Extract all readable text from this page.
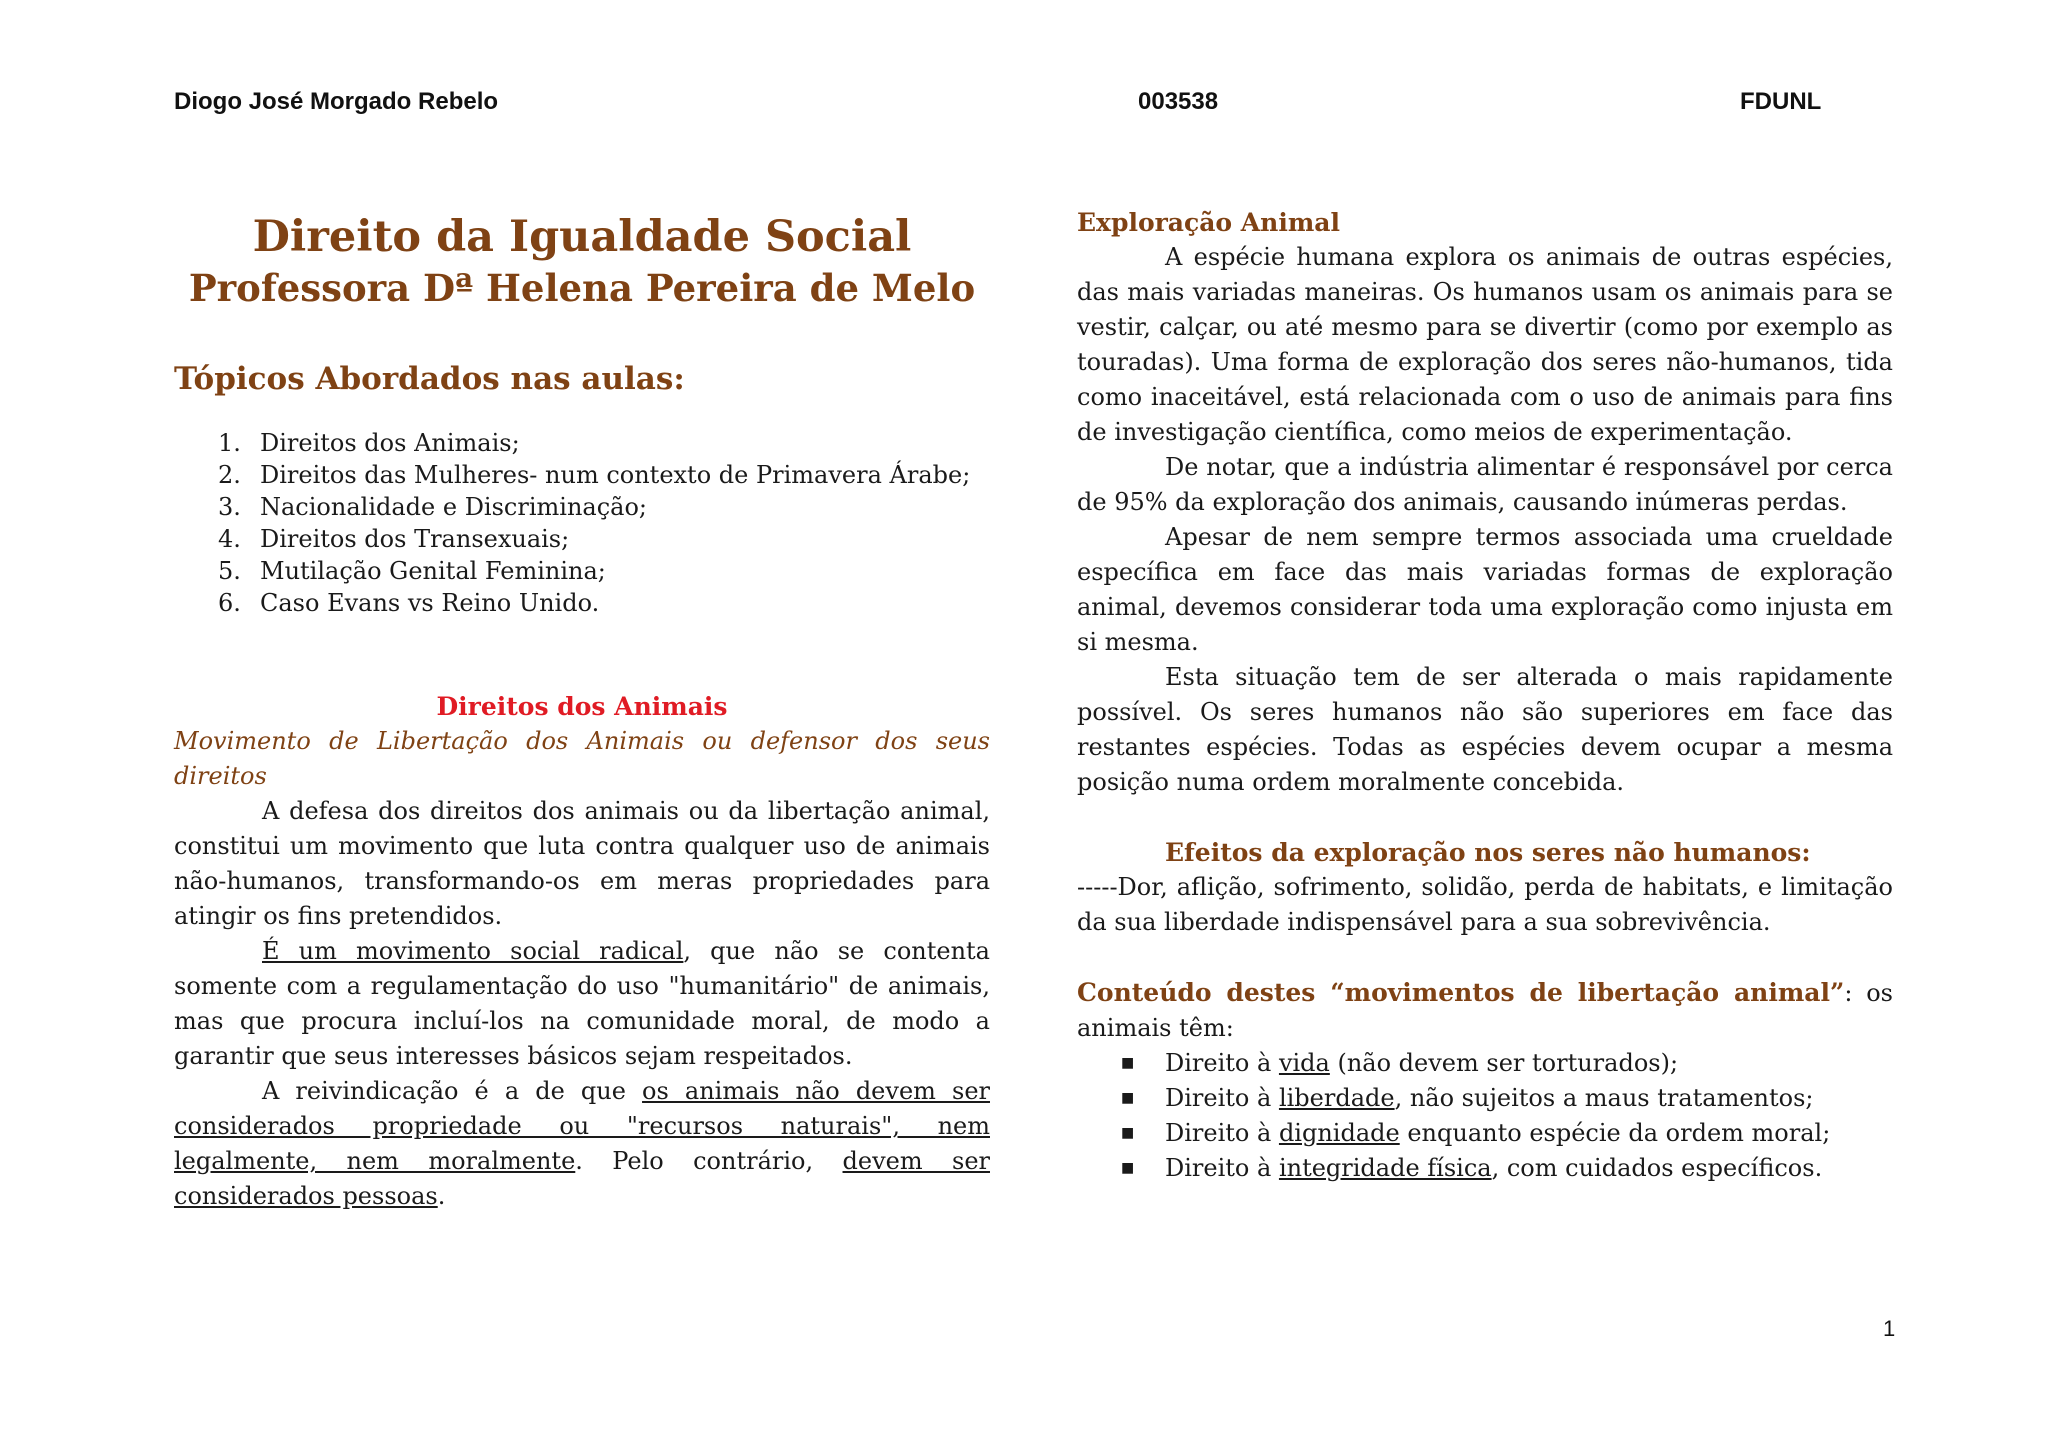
Diogo José Morgado Rebelo	003538	FDUNL
Direito da Igualdade Social
Professora Dª Helena Pereira de Melo
Tópicos Abordados nas aulas:
1. Direitos dos Animais;
2. Direitos das Mulheres- num contexto de Primavera Árabe;
3. Nacionalidade e Discriminação;
4. Direitos dos Transexuais;
5. Mutilação Genital Feminina;
6. Caso Evans vs Reino Unido.
Direitos dos Animais

Movimento de Libertação dos Animais ou defensor dos seus

direitos

A defesa dos direitos dos animais ou da libertação animal, constitui um movimento que luta contra qualquer uso de animais não-humanos, transformando-os em meras propriedades para atingir os fins pretendidos.

É um movimento social radical, que não se contenta somente com a regulamentação do uso "humanitário" de animais, mas que procura incluí-los na comunidade moral, de modo a garantir que seus interesses básicos sejam respeitados.

A reivindicação é a de que os animais não devem ser considerados propriedade ou "recursos naturais", nem legalmente, nem moralmente. Pelo contrário, devem ser considerados pessoas.

Exploração Animal

A espécie humana explora os animais de outras espécies, das mais variadas maneiras. Os humanos usam os animais para se vestir, calçar, ou até mesmo para se divertir (como por exemplo as touradas). Uma forma de exploração dos seres não-humanos, tida como inaceitável, está relacionada com o uso de animais para fins de investigação científica, como meios de experimentação.

De notar, que a indústria alimentar é responsável por cerca de 95% da exploração dos animais, causando inúmeras perdas.

Apesar de nem sempre termos associada uma crueldade específica em face das mais variadas formas de exploração animal, devemos considerar toda uma exploração como injusta em si mesma.

Esta situação tem de ser alterada o mais rapidamente possível. Os seres humanos não são superiores em face das restantes espécies. Todas as espécies devem ocupar a mesma posição numa ordem moralmente concebida.

Efeitos da exploração nos seres não humanos:

-----Dor, aflição, sofrimento, solidão, perda de habitats, e limitação da sua liberdade indispensável para a sua sobrevivência.

Conteúdo destes “movimentos de libertação animal”: os animais têm:

■	Direito à vida (não devem ser torturados);
■	Direito à liberdade, não sujeitos a maus tratamentos;
■	Direito à dignidade enquanto espécie da ordem moral;
■	Direito à integridade física, com cuidados específicos.
1
